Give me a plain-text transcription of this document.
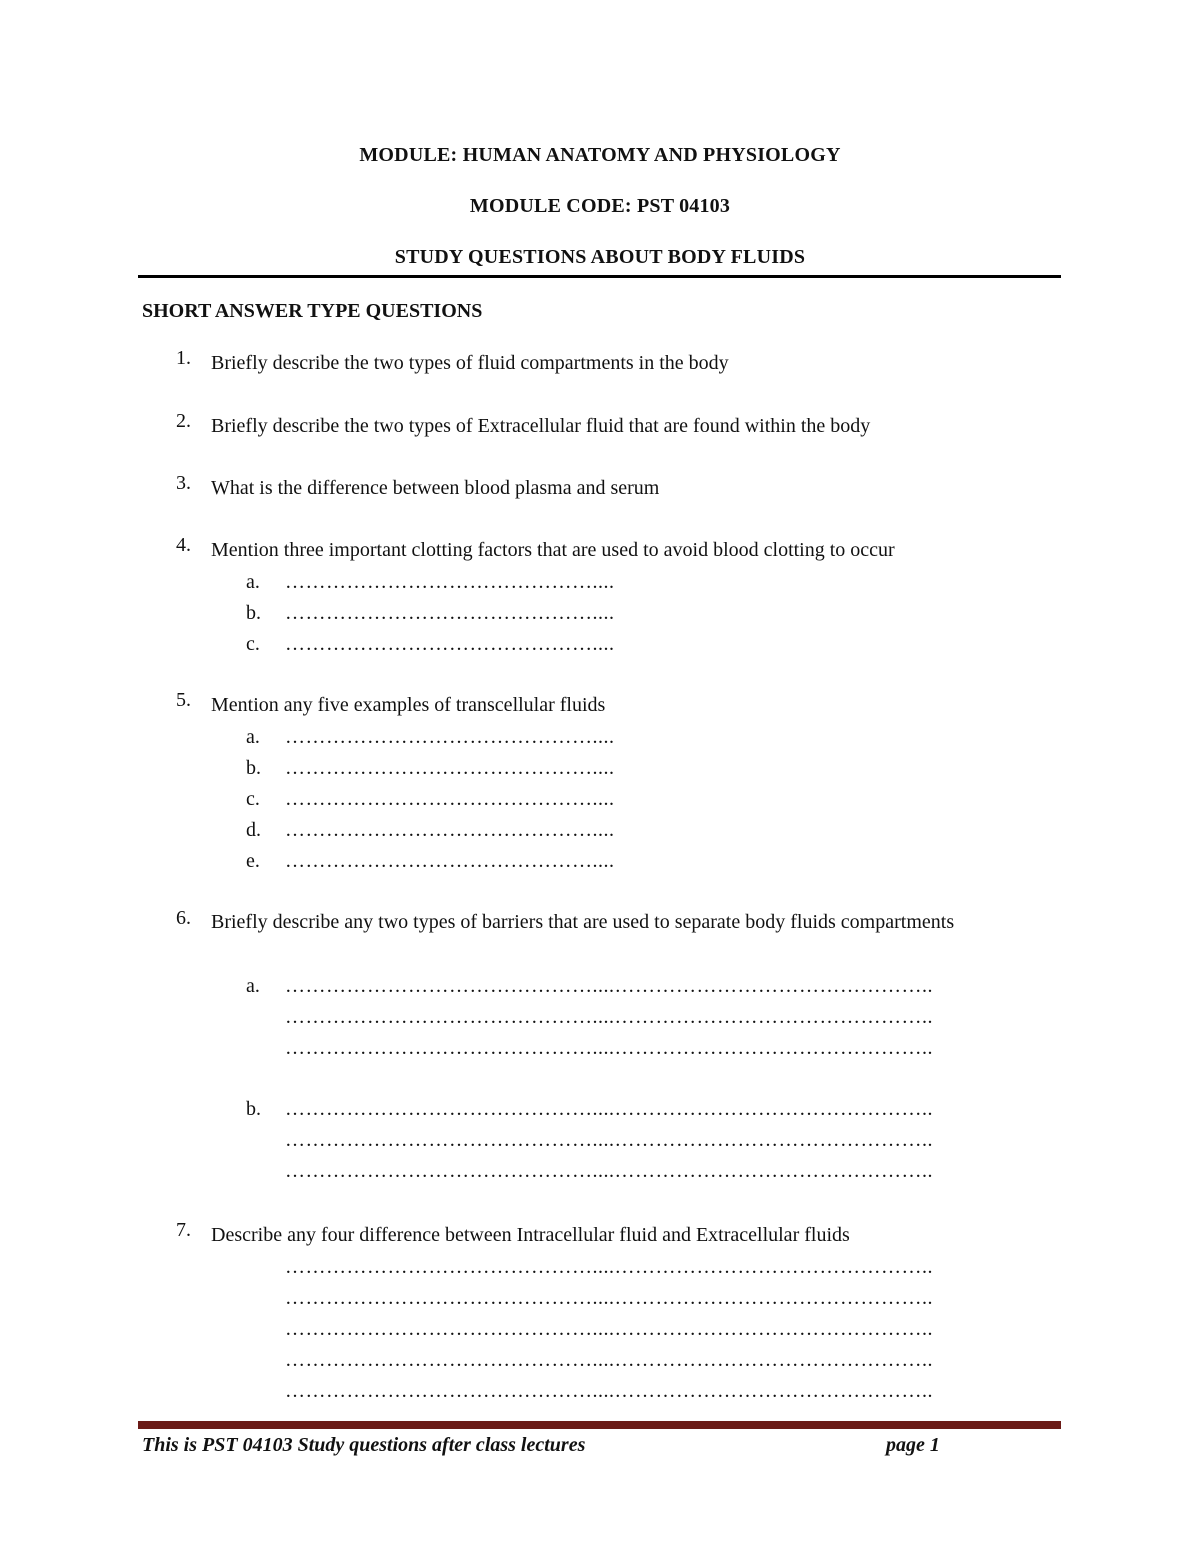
MODULE: HUMAN ANATOMY AND PHYSIOLOGY
MODULE CODE: PST 04103
STUDY QUESTIONS ABOUT BODY FLUIDS
SHORT ANSWER TYPE QUESTIONS
1.	Briefly describe the two types of fluid compartments in the body
2.	Briefly describe the two types of Extracellular fluid that are found within the body
3.	What is the difference between blood plasma and serum
4.	Mention three important clotting factors that are used to avoid blood clotting to occur
a. ………………………………………....
b. ………………………………………....
c. ………………………………………....
5.	Mention any five examples of transcellular fluids
a. ………………………………………....
b. ………………………………………....
c. ………………………………………....
d. ………………………………………....
e. ………………………………………....
6.	Briefly describe any two types of barriers that are used to separate body fluids compartments
a. ………………………………………....………………………………………..
………………………………………....………………………………………..
………………………………………....………………………………………..
b. ………………………………………....………………………………………..
………………………………………....………………………………………..
………………………………………....………………………………………..
7.	Describe any four difference between Intracellular fluid and Extracellular fluids
………………………………………....………………………………………..
………………………………………....………………………………………..
………………………………………....………………………………………..
………………………………………....………………………………………..
………………………………………....………………………………………..
This is PST 04103 Study questions after class lectures	page 1
